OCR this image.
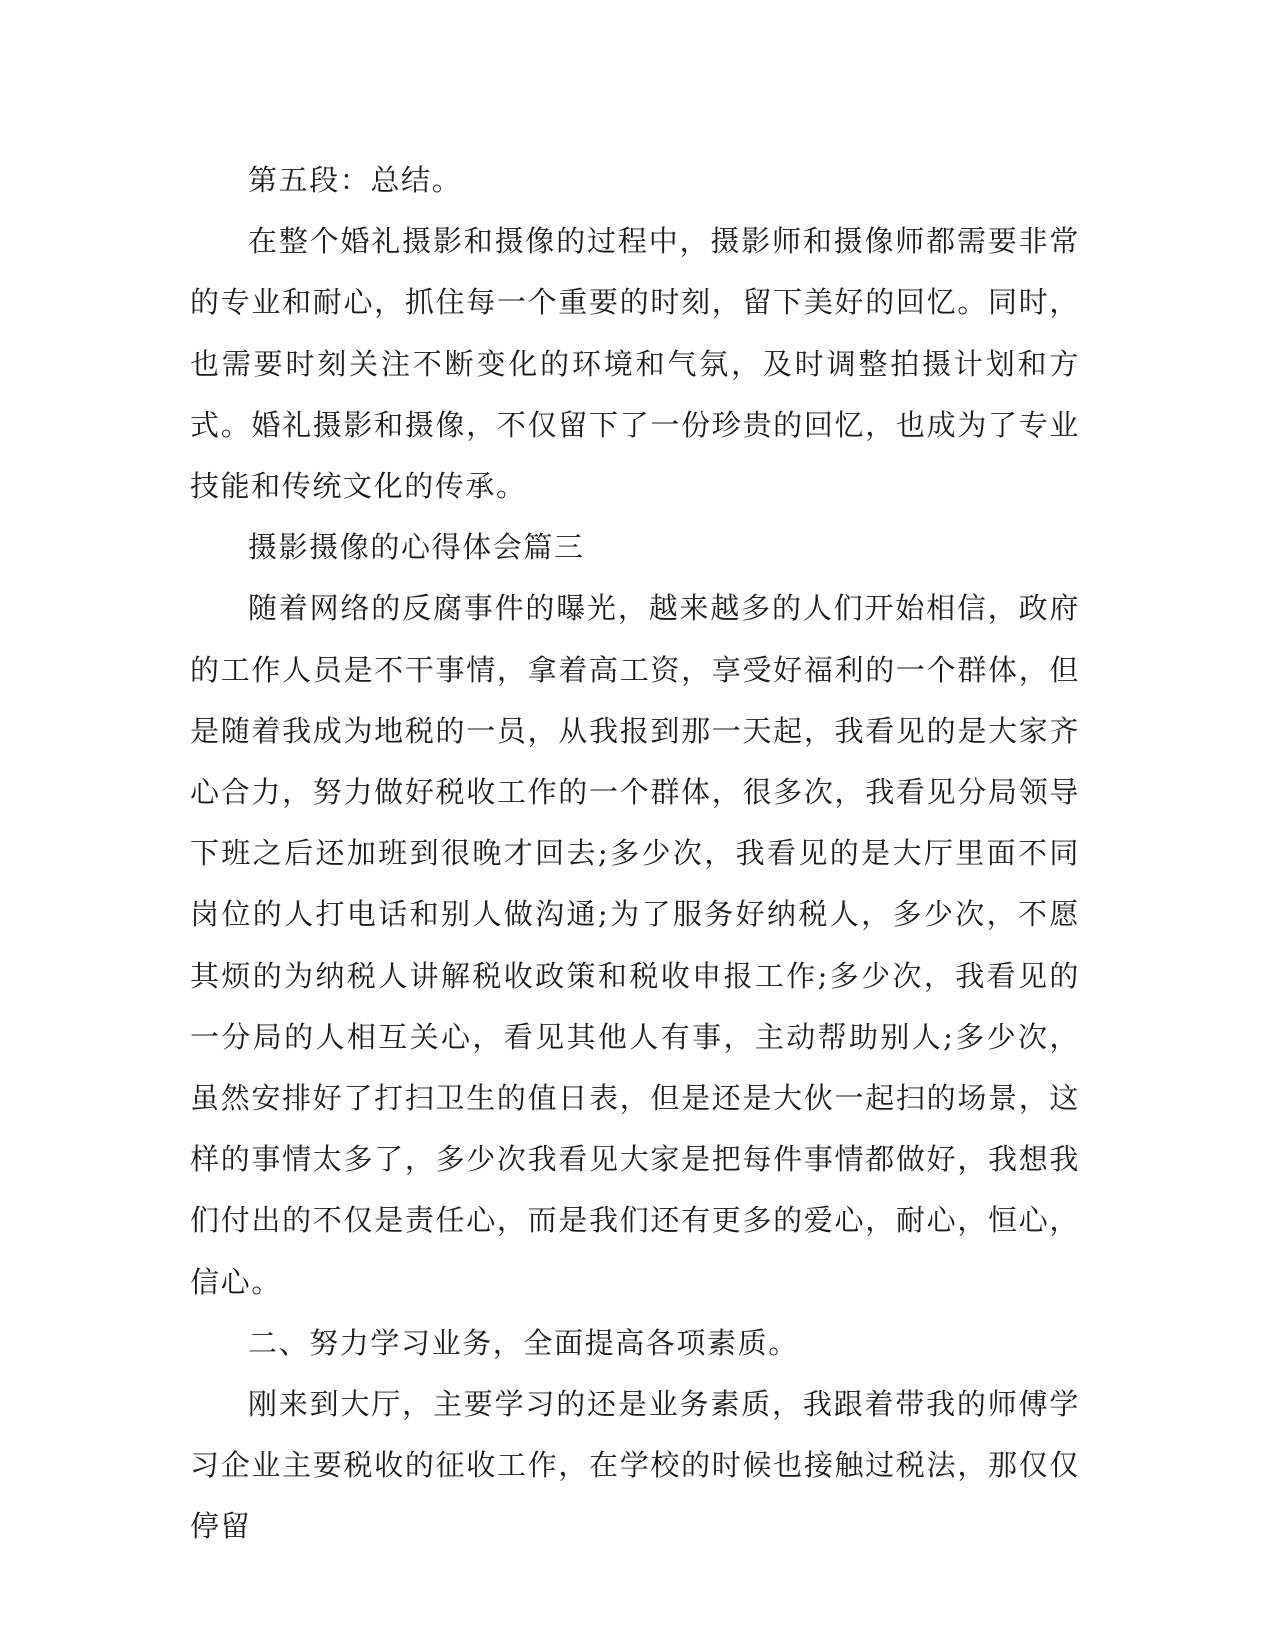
第五段：总结。

在整个婚礼摄影和摄像的过程中，摄影师和摄像师都需要非常的专业和耐心，抓住每一个重要的时刻，留下美好的回忆。同时，也需要时刻关注不断变化的环境和气氛，及时调整拍摄计划和方式。婚礼摄影和摄像，不仅留下了一份珍贵的回忆，也成为了专业技能和传统文化的传承。

摄影摄像的心得体会篇三

随着网络的反腐事件的曝光，越来越多的人们开始相信，政府的工作人员是不干事情，拿着高工资，享受好福利的一个群体，但是随着我成为地税的一员，从我报到那一天起，我看见的是大家齐心合力，努力做好税收工作的一个群体，很多次，我看见分局领导下班之后还加班到很晚才回去;多少次，我看见的是大厅里面不同岗位的人打电话和别人做沟通;为了服务好纳税人，多少次，不愿其烦的为纳税人讲解税收政策和税收申报工作;多少次，我看见的一分局的人相互关心，看见其他人有事，主动帮助别人;多少次，虽然安排好了打扫卫生的值日表，但是还是大伙一起扫的场景，这样的事情太多了，多少次我看见大家是把每件事情都做好，我想我们付出的不仅是责任心，而是我们还有更多的爱心，耐心，恒心，信心。

二、努力学习业务，全面提高各项素质。

刚来到大厅，主要学习的还是业务素质，我跟着带我的师傅学习企业主要税收的征收工作，在学校的时候也接触过税法，那仅仅停留
